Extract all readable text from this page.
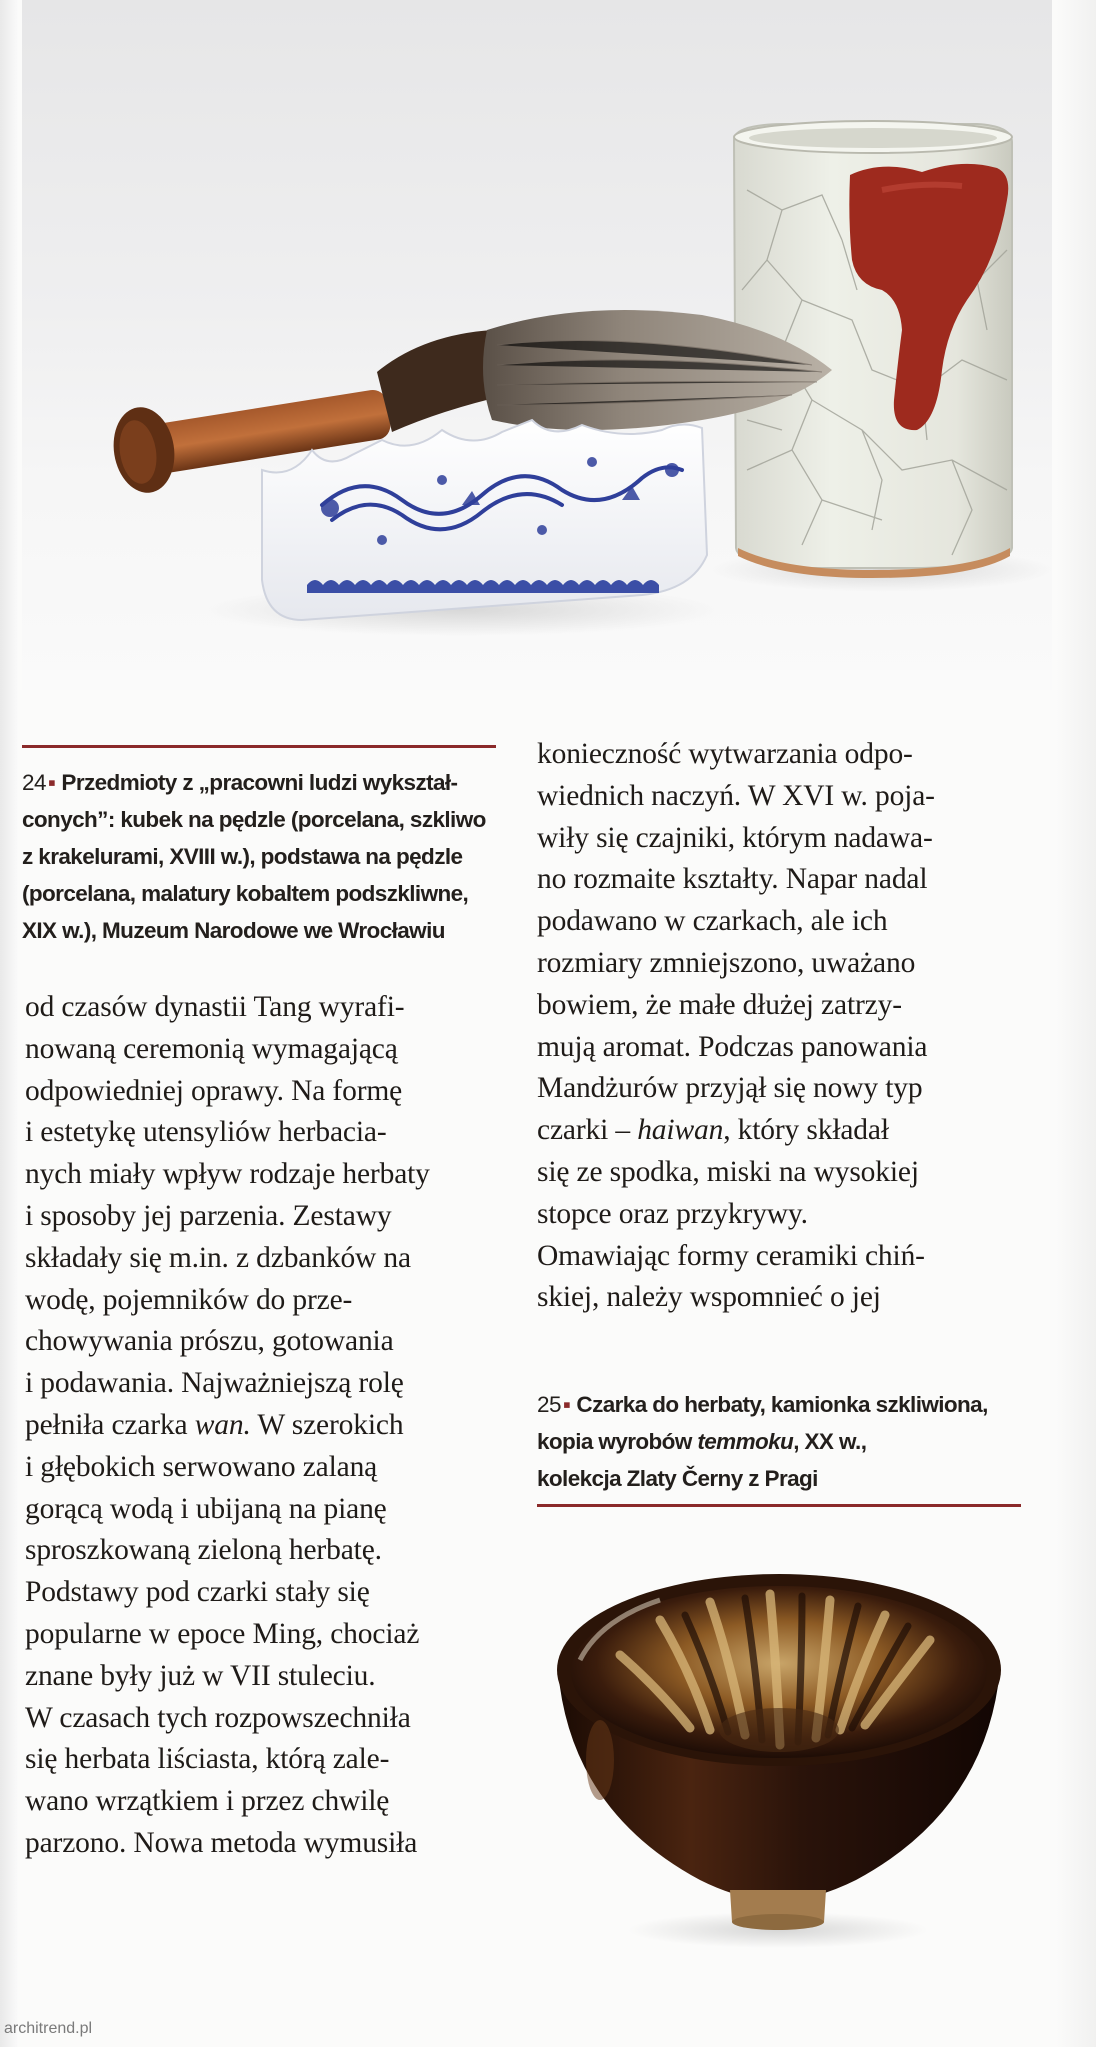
24▪ Przedmioty z „pracowni ludzi wykształ-
conych”: kubek na pędzle (porcelana, szkliwo
z krakelurami, XVIII w.), podstawa na pędzle
(porcelana, malatury kobaltem podszkliwne,
XIX w.), Muzeum Narodowe we Wrocławiu
od czasów dynastii Tang wyrafi-
nowaną ceremonią wymagającą
odpowiedniej oprawy. Na formę
i estetykę utensyliów herbacia-
nych miały wpływ rodzaje herbaty
i sposoby jej parzenia. Zestawy
składały się m.in. z dzbanków na
wodę, pojemników do prze-
chowywania prószu, gotowania
i podawania. Najważniejszą rolę
pełniła czarka wan. W szerokich
i głębokich serwowano zalaną
gorącą wodą i ubijaną na pianę
sproszkowaną zieloną herbatę.
Podstawy pod czarki stały się
popularne w epoce Ming, chociaż
znane były już w VII stuleciu.
W czasach tych rozpowszechniła
się herbata liściasta, którą zale-
wano wrzątkiem i przez chwilę
parzono. Nowa metoda wymusiła
konieczność wytwarzania odpo-
wiednich naczyń. W XVI w. poja-
wiły się czajniki, którym nadawa-
no rozmaite kształty. Napar nadal
podawano w czarkach, ale ich
rozmiary zmniejszono, uważano
bowiem, że małe dłużej zatrzy-
mują aromat. Podczas panowania
Mandżurów przyjął się nowy typ
czarki – haiwan, który składał
się ze spodka, miski na wysokiej
stopce oraz przykrywy.
Omawiając formy ceramiki chiń-
skiej, należy wspomnieć o jej
25▪ Czarka do herbaty, kamionka szkliwiona,
kopia wyrobów temmoku, XX w.,
kolekcja Zlaty Černy z Pragi
architrend.pl
